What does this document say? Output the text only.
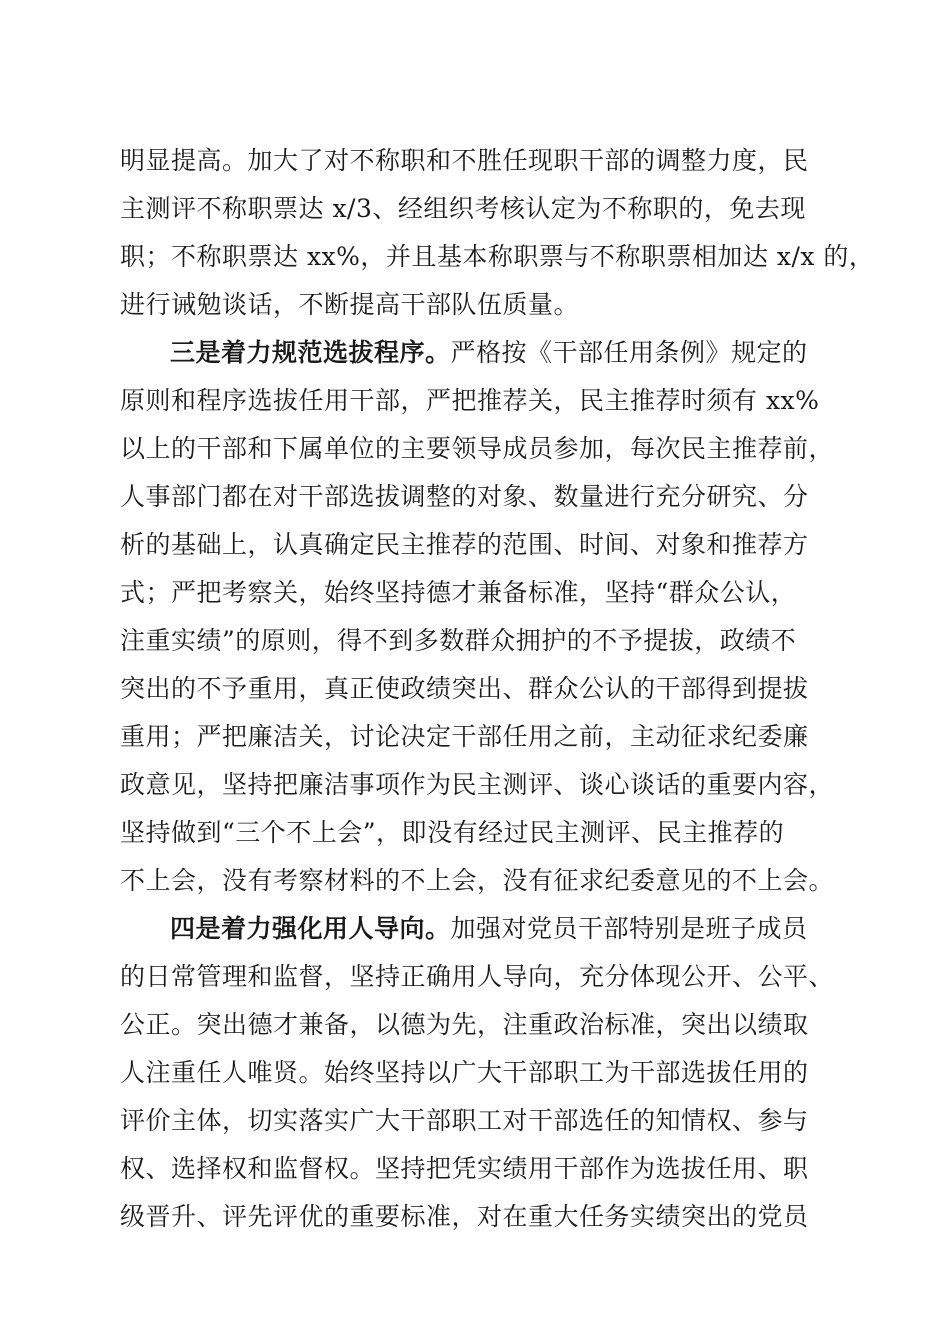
明显提高。加大了对不称职和不胜任现职干部的调整力度，民
主测评不称职票达 x/3、经组织考核认定为不称职的，免去现
职；不称职票达 xx%，并且基本称职票与不称职票相加达 x/x 的，
进行诫勉谈话，不断提高干部队伍质量。
三是着力规范选拔程序。严格按《干部任用条例》规定的
原则和程序选拔任用干部，严把推荐关，民主推荐时须有 xx%
以上的干部和下属单位的主要领导成员参加，每次民主推荐前，
人事部门都在对干部选拔调整的对象、数量进行充分研究、分
析的基础上，认真确定民主推荐的范围、时间、对象和推荐方
式；严把考察关，始终坚持德才兼备标准，坚持“群众公认，
注重实绩”的原则，得不到多数群众拥护的不予提拔，政绩不
突出的不予重用，真正使政绩突出、群众公认的干部得到提拔
重用；严把廉洁关，讨论决定干部任用之前，主动征求纪委廉
政意见，坚持把廉洁事项作为民主测评、谈心谈话的重要内容，
坚持做到“三个不上会”，即没有经过民主测评、民主推荐的
不上会，没有考察材料的不上会，没有征求纪委意见的不上会。
四是着力强化用人导向。加强对党员干部特别是班子成员
的日常管理和监督，坚持正确用人导向，充分体现公开、公平、
公正。突出德才兼备，以德为先，注重政治标准，突出以绩取
人注重任人唯贤。始终坚持以广大干部职工为干部选拔任用的
评价主体，切实落实广大干部职工对干部选任的知情权、参与
权、选择权和监督权。坚持把凭实绩用干部作为选拔任用、职
级晋升、评先评优的重要标准，对在重大任务实绩突出的党员
